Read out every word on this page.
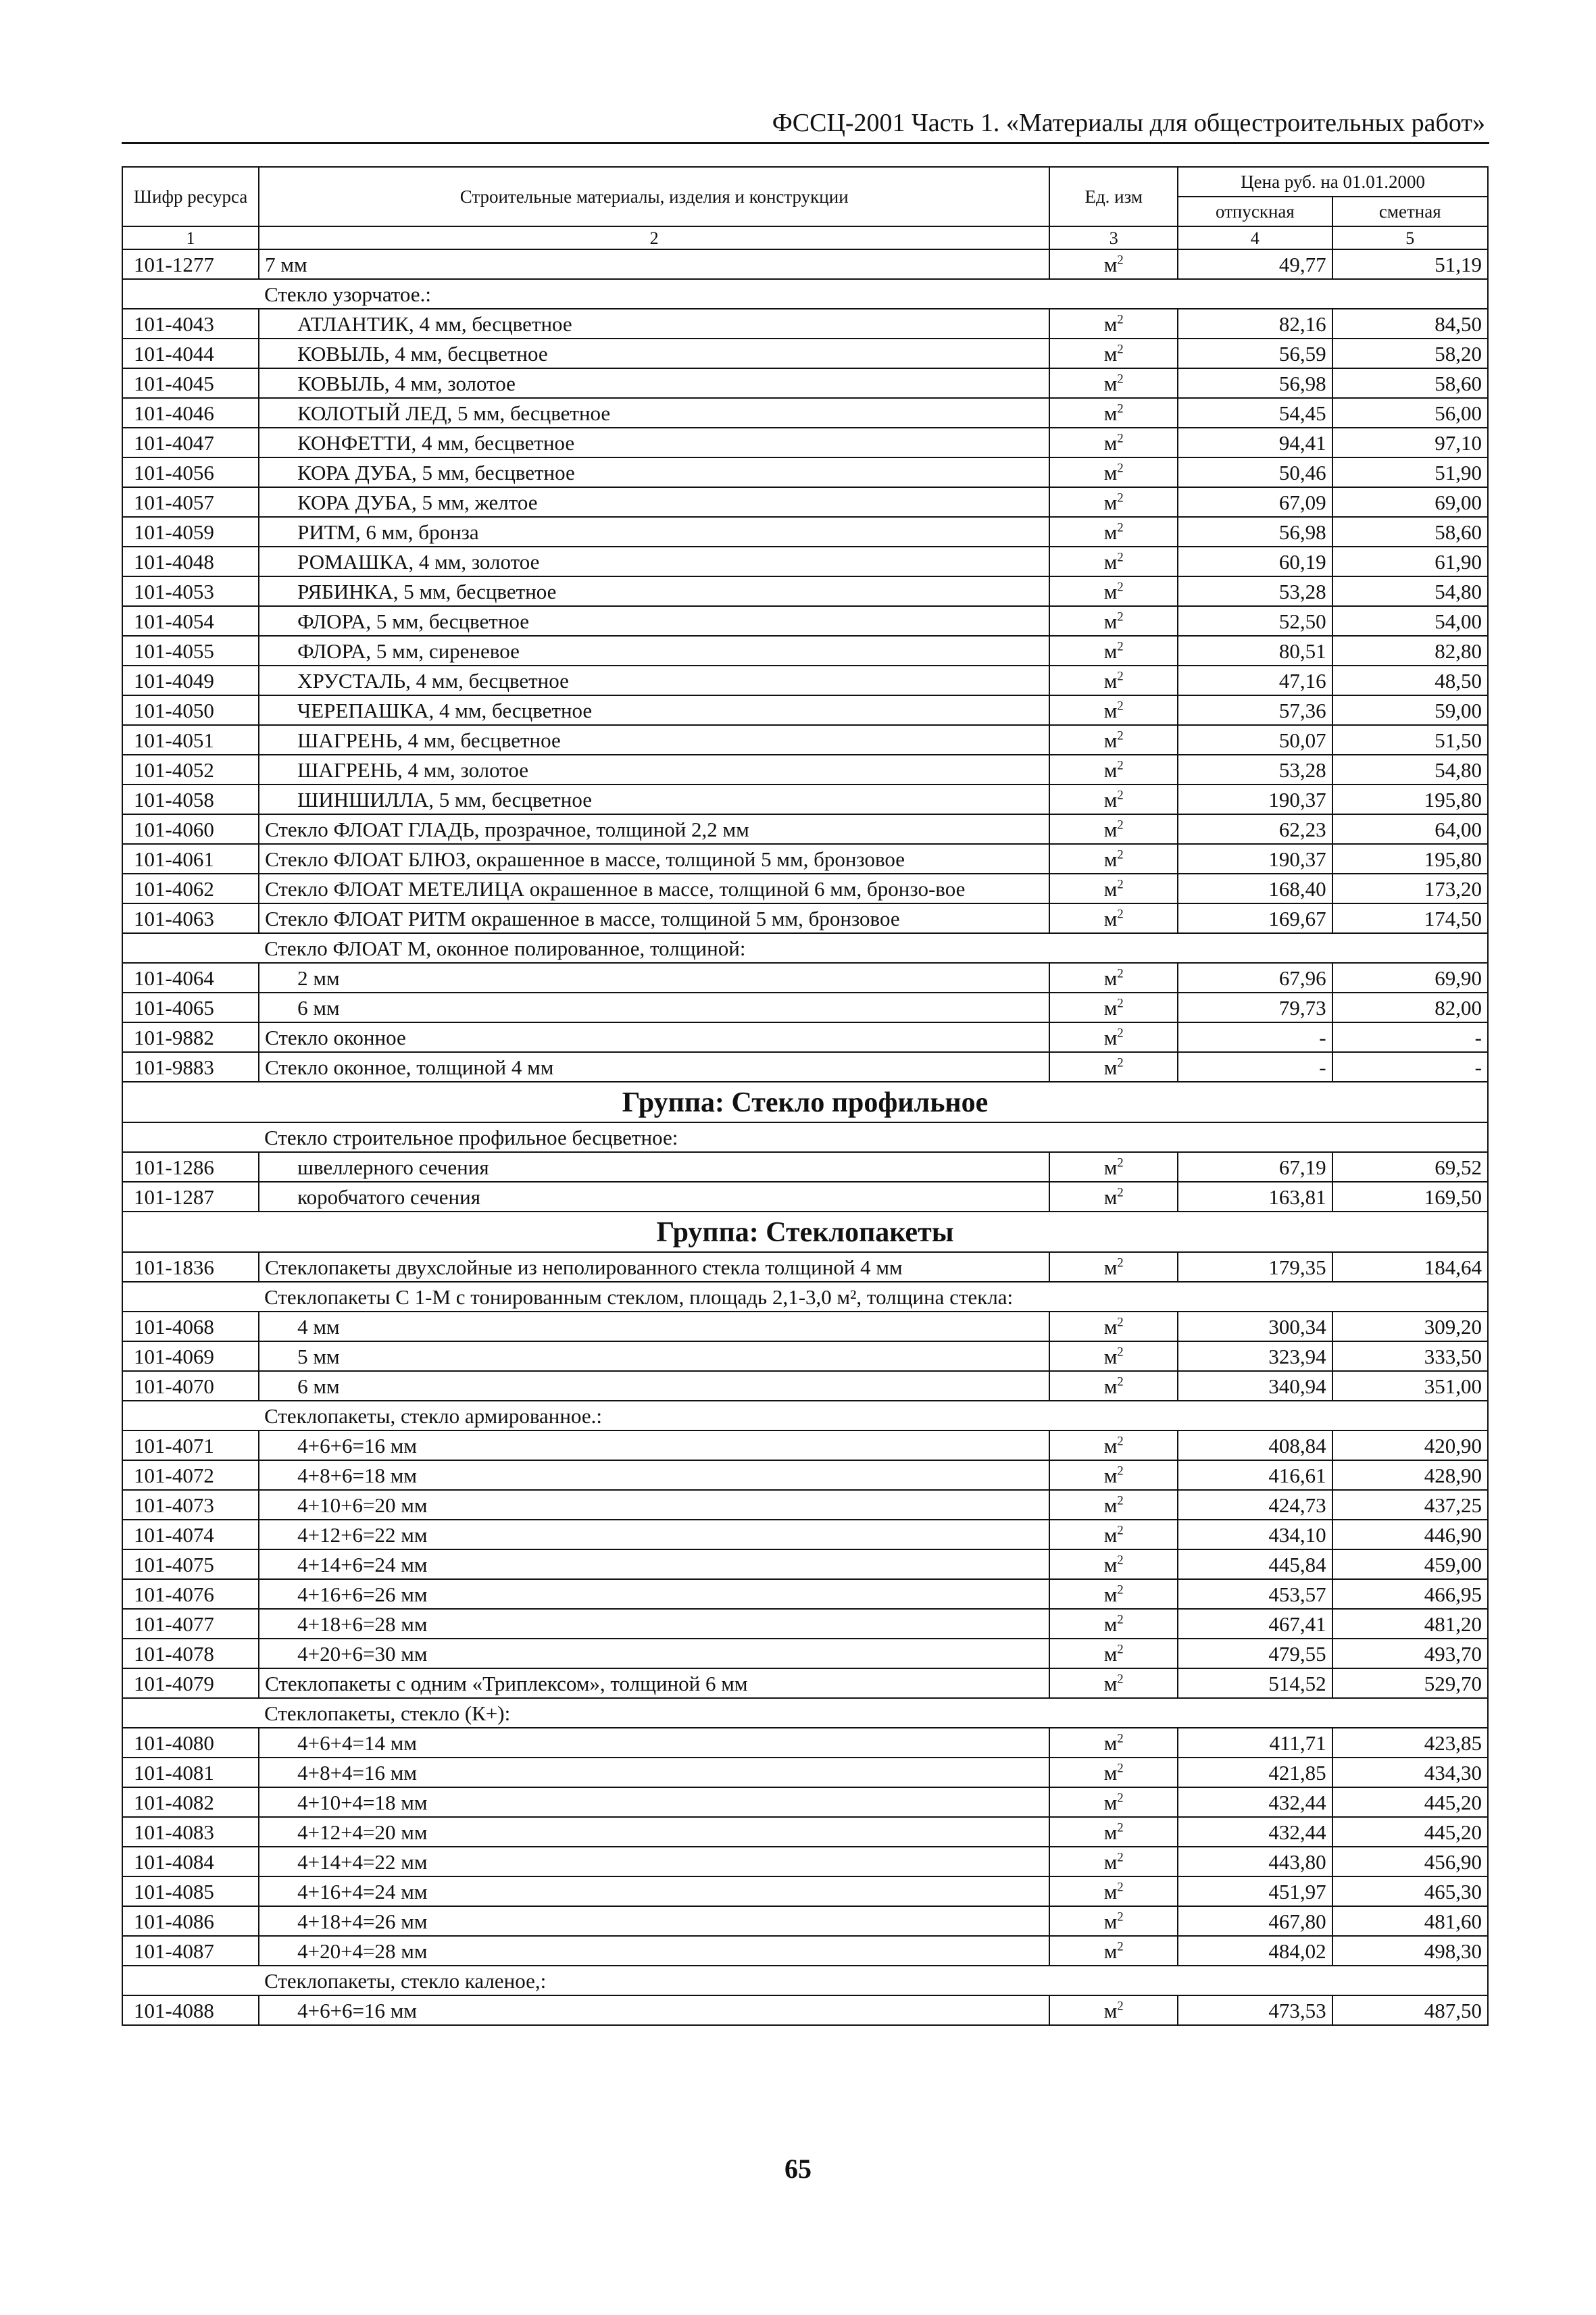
ФССЦ-2001 Часть 1. «Материалы для общестроительных работ»
Шифр ресурса	Строительные материалы, изделия и конструкции	Ед. изм	Цена руб. на 01.01.2000	
			отпускная	сметная
1	2	3	4	5
101-1277	7 мм	$м^2$	49,77	51,19
	Стекло узорчатое.:			
101-4043	АТЛАНТИК, 4 мм, бесцветное	$м^2$	82,16	84,50
101-4044	КОВЫЛЬ, 4 мм, бесцветное	$м^2$	56,59	58,20
101-4045	КОВЫЛЬ, 4 мм, золотое	$м^2$	56,98	58,60
101-4046	КОЛОТЫЙ ЛЕД, 5 мм, бесцветное	$м^2$	54,45	56,00
101-4047	КОНФЕТТИ, 4 мм, бесцветное	$м^2$	94,41	97,10
101-4056	КОРА ДУБА, 5 мм, бесцветное	$м^2$	50,46	51,90
101-4057	КОРА ДУБА, 5 мм, желтое	$м^2$	67,09	69,00
101-4059	РИТМ, 6 мм, бронза	$м^2$	56,98	58,60
101-4048	РОМАШКА, 4 мм, золотое	$м^2$	60,19	61,90
101-4053	РЯБИНКА, 5 мм, бесцветное	$м^2$	53,28	54,80
101-4054	ФЛОРА, 5 мм, бесцветное	$м^2$	52,50	54,00
101-4055	ФЛОРА, 5 мм, сиреневое	$м^2$	80,51	82,80
101-4049	ХРУСТАЛЬ, 4 мм, бесцветное	$м^2$	47,16	48,50
101-4050	ЧЕРЕПАШКА, 4 мм, бесцветное	$м^2$	57,36	59,00
101-4051	ШАГРЕНЬ, 4 мм, бесцветное	$м^2$	50,07	51,50
101-4052	ШАГРЕНЬ, 4 мм, золотое	$м^2$	53,28	54,80
101-4058	ШИНШИЛЛА, 5 мм, бесцветное	$м^2$	190,37	195,80
101-4060	Стекло ФЛОАТ ГЛАДЬ, прозрачное, толщиной 2,2 мм	$м^2$	62,23	64,00
101-4061	Стекло ФЛОАТ БЛЮЗ, окрашенное в массе, толщиной 5 мм, бронзовое	$м^2$	190,37	195,80
101-4062	Стекло ФЛОАТ МЕТЕЛИЦА окрашенное в массе, толщиной 6 мм, бронзо-вое	$м^2$	168,40	173,20
101-4063	Стекло ФЛОАТ РИТМ окрашенное в массе, толщиной 5 мм, бронзовое	$м^2$	169,67	174,50
	Стекло ФЛОАТ М, оконное полированное, толщиной:			
101-4064	2 мм	$м^2$	67,96	69,90
101-4065	6 мм	$м^2$	79,73	82,00
101-9882	Стекло оконное	$м^2$	-	-
101-9883	Стекло оконное, толщиной 4 мм	$м^2$	-	-
Группа: Стекло профильное				
	Стекло строительное профильное бесцветное:			
101-1286	швеллерного сечения	$м^2$	67,19	69,52
101-1287	коробчатого сечения	$м^2$	163,81	169,50
Группа: Стеклопакеты				
101-1836	Стеклопакеты двухслойные из неполированного стекла толщиной 4 мм	$м^2$	179,35	184,64
	Стеклопакеты С 1-М с тонированным стеклом, площадь 2,1-3,0 м², толщина стекла:			
101-4068	4 мм	$м^2$	300,34	309,20
101-4069	5 мм	$м^2$	323,94	333,50
101-4070	6 мм	$м^2$	340,94	351,00
	Стеклопакеты, стекло армированное.:			
101-4071	4+6+6=16 мм	$м^2$	408,84	420,90
101-4072	4+8+6=18 мм	$м^2$	416,61	428,90
101-4073	4+10+6=20 мм	$м^2$	424,73	437,25
101-4074	4+12+6=22 мм	$м^2$	434,10	446,90
101-4075	4+14+6=24 мм	$м^2$	445,84	459,00
101-4076	4+16+6=26 мм	$м^2$	453,57	466,95
101-4077	4+18+6=28 мм	$м^2$	467,41	481,20
101-4078	4+20+6=30 мм	$м^2$	479,55	493,70
101-4079	Стеклопакеты с одним «Триплексом», толщиной 6 мм	$м^2$	514,52	529,70
	Стеклопакеты, стекло (К+):			
101-4080	4+6+4=14 мм	$м^2$	411,71	423,85
101-4081	4+8+4=16 мм	$м^2$	421,85	434,30
101-4082	4+10+4=18 мм	$м^2$	432,44	445,20
101-4083	4+12+4=20 мм	$м^2$	432,44	445,20
101-4084	4+14+4=22 мм	$м^2$	443,80	456,90
101-4085	4+16+4=24 мм	$м^2$	451,97	465,30
101-4086	4+18+4=26 мм	$м^2$	467,80	481,60
101-4087	4+20+4=28 мм	$м^2$	484,02	498,30
	Стеклопакеты, стекло каленое,:			
101-4088	4+6+6=16 мм	$м^2$	473,53	487,50
65
